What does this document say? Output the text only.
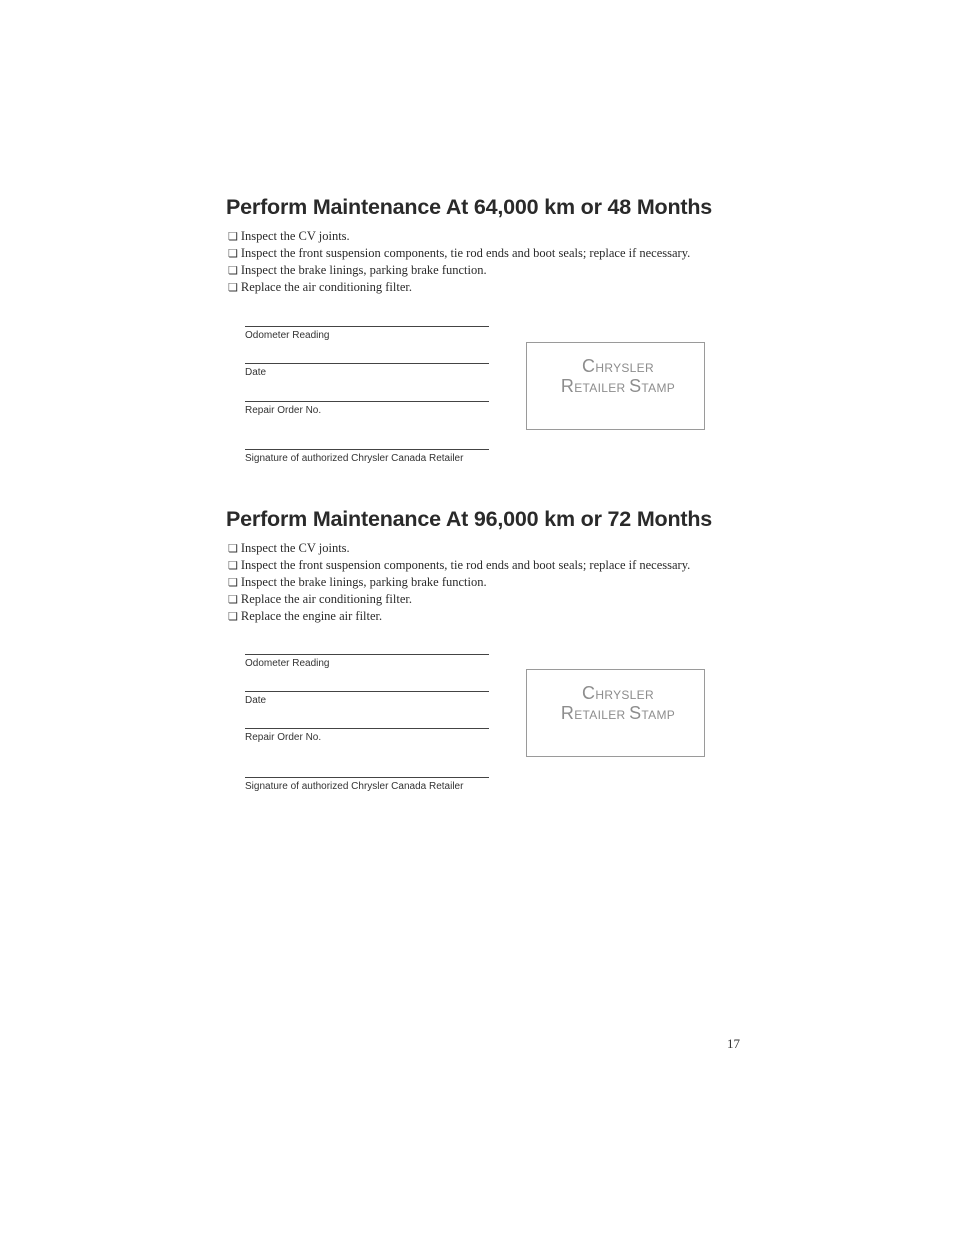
Perform Maintenance At 64,000 km or 48 Months
❏ Inspect the CV joints.
❏ Inspect the front suspension components, tie rod ends and boot seals; replace if necessary.
❏ Inspect the brake linings, parking brake function.
❏ Replace the air conditioning filter.
Odometer Reading
Date
Repair Order No.
Signature of authorized Chrysler Canada Retailer
CHRYSLER
RETAILER STAMP
Perform Maintenance At 96,000 km or 72 Months
❏ Inspect the CV joints.
❏ Inspect the front suspension components, tie rod ends and boot seals; replace if necessary.
❏ Inspect the brake linings, parking brake function.
❏ Replace the air conditioning filter.
❏ Replace the engine air filter.
Odometer Reading
Date
Repair Order No.
Signature of authorized Chrysler Canada Retailer
CHRYSLER
RETAILER STAMP
17
